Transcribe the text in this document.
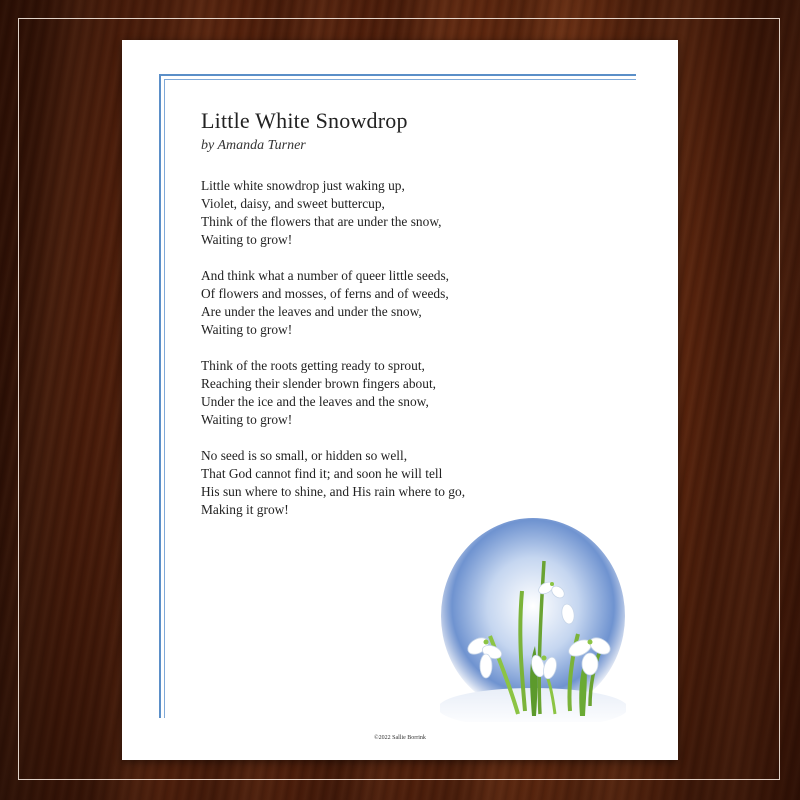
Little White Snowdrop

by Amanda Turner

Little white snowdrop just waking up,
Violet, daisy, and sweet buttercup,
Think of the flowers that are under the snow,
Waiting to grow!

And think what a number of queer little seeds,
Of flowers and mosses, of ferns and of weeds,
Are under the leaves and under the snow,
Waiting to grow!

Think of the roots getting ready to sprout,
Reaching their slender brown fingers about,
Under the ice and the leaves and the snow,
Waiting to grow!

No seed is so small, or hidden so well,
That God cannot find it; and soon he will tell
His sun where to shine, and His rain where to go,
Making it grow!

©2022 Sallie Borrink
